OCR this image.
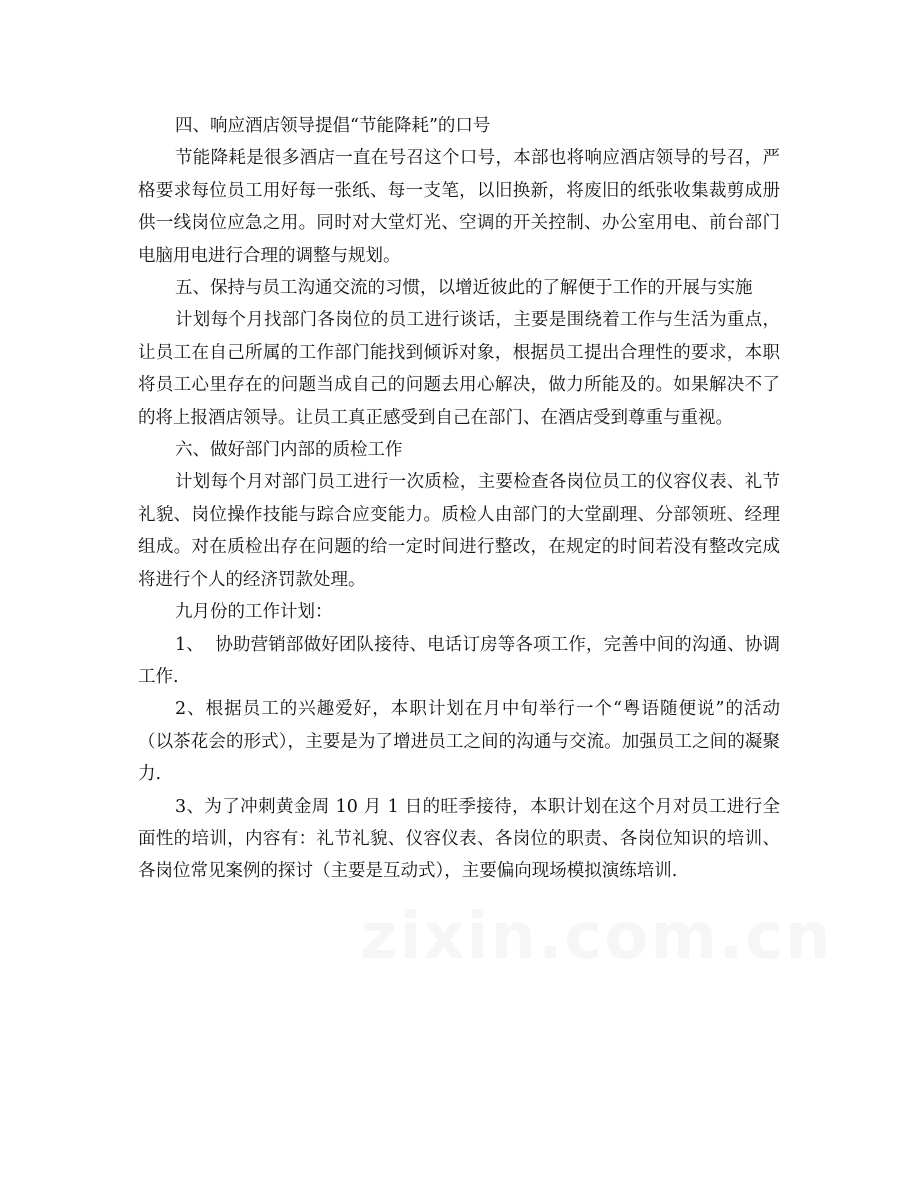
四、响应酒店领导提倡“节能降耗”的口号

节能降耗是很多酒店一直在号召这个口号，本部也将响应酒店领导的号召，严格要求每位员工用好每一张纸、每一支笔，以旧换新，将废旧的纸张收集裁剪成册供一线岗位应急之用。同时对大堂灯光、空调的开关控制、办公室用电、前台部门电脑用电进行合理的调整与规划。

五、保持与员工沟通交流的习惯，以增近彼此的了解便于工作的开展与实施

计划每个月找部门各岗位的员工进行谈话，主要是围绕着工作与生活为重点，让员工在自己所属的工作部门能找到倾诉对象，根据员工提出合理性的要求，本职将员工心里存在的问题当成自己的问题去用心解决，做力所能及的。如果解决不了的将上报酒店领导。让员工真正感受到自己在部门、在酒店受到尊重与重视。

六、做好部门内部的质检工作

计划每个月对部门员工进行一次质检，主要检查各岗位员工的仪容仪表、礼节礼貌、岗位操作技能与踪合应变能力。质检人由部门的大堂副理、分部领班、经理组成。对在质检出存在问题的给一定时间进行整改，在规定的时间若没有整改完成将进行个人的经济罚款处理。

九月份的工作计划：

1、  协助营销部做好团队接待、电话订房等各项工作，完善中间的沟通、协调工作.

2、根据员工的兴趣爱好，本职计划在月中旬举行一个“粤语随便说”的活动（以茶花会的形式），主要是为了增进员工之间的沟通与交流。加强员工之间的凝聚力.

3、为了冲刺黄金周 10 月 1 日的旺季接待，本职计划在这个月对员工进行全面性的培训，内容有：礼节礼貌、仪容仪表、各岗位的职责、各岗位知识的培训、各岗位常见案例的探讨（主要是互动式），主要偏向现场模拟演练培训.
